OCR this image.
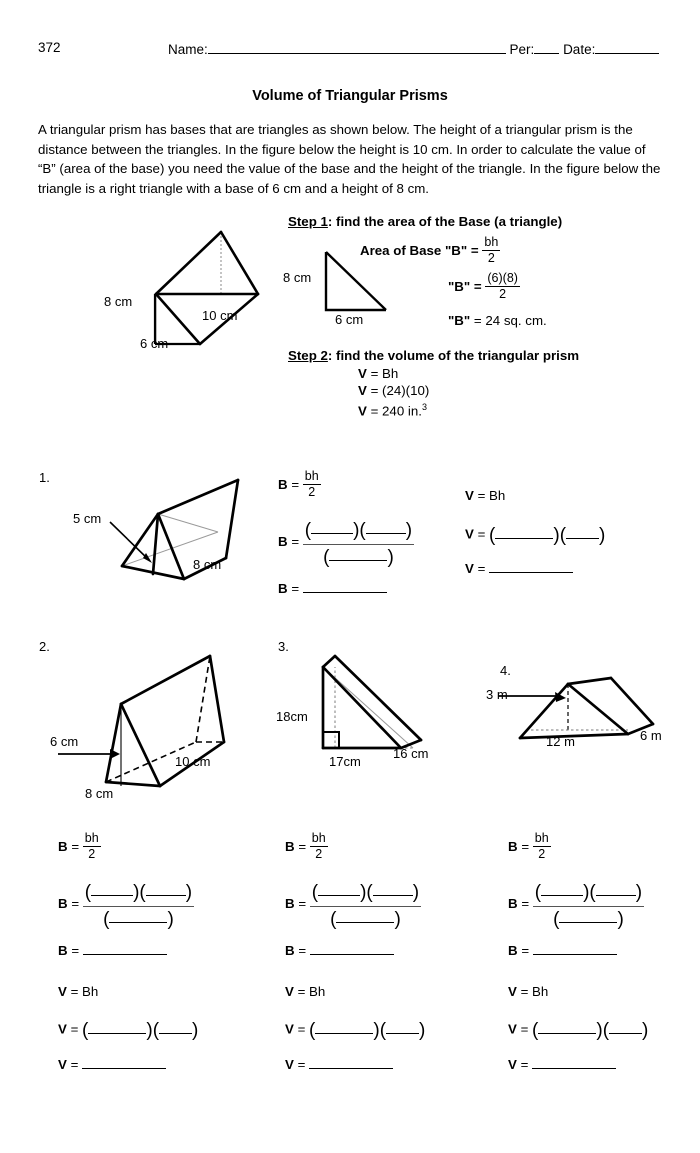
372	Name:	Per: Date:
Volume of Triangular Prisms
A triangular prism has bases that are triangles as shown below. The height of a triangular prism is the distance between the triangles. In the figure below the height is 10 cm. In order to calculate the value of “B” (area of the base) you need the value of the base and the height of the triangle. In the figure below the triangle is a right triangle with a base of 6 cm and a height of 8 cm.
8 cm
6 cm
10 cm
Step 1: find the area of the Base (a triangle)
Area of Base "B" = $\frac{bh}{2}$
8 cm
6 cm
"B" = $\frac{(6)(8)}{2}$
"B" = 24 sq. cm.
Step 2: find the volume of the triangular prism
V = Bh
V = (24)(10)
V = 240 in.$^3$
1.
5 cm
8 cm
$B = \frac{bh}{2}$
B =
( )( )
(	)
B =
V = Bh
V = (	)( )
V =
2.
6 cm
8 cm
10 cm
3.
18cm
17cm
16 cm
4.
3 m
12 m	6 m
$B = \frac{bh}{2}$
B =
( )( )
(	)
B =
V = Bh
V = (	)( )
V =
$B = \frac{bh}{2}$
B =
( )( )
(	)
B =
V = Bh
V = (	)( )
V =
$B = \frac{bh}{2}$
B =
( )( )
(	)
B =
V = Bh
V = (	)( )
V =
